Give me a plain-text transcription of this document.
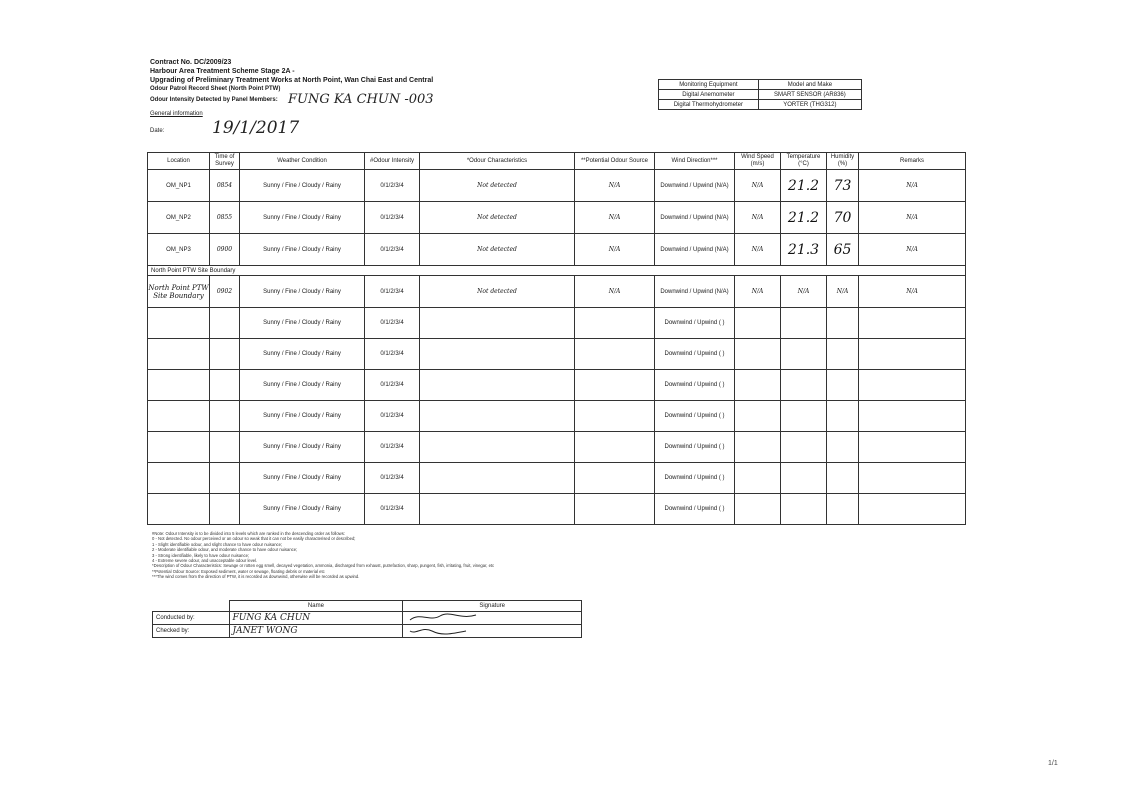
Contract No. DC/2009/23
Harbour Area Treatment Scheme Stage 2A -
Upgrading of Preliminary Treatment Works at North Point, Wan Chai East and Central
Odour Patrol Record Sheet (North Point PTW)
Odour Intensity Detected by Panel Members: FUNG KA CHUN -003
General information
Date:	19/1/2017
Monitoring Equipment	Model and Make
Digital Anemometer	SMART SENSOR (AR836)
Digital Thermohydrometer	YORTER (THG312)
Location	Time of Survey	Weather Condition	#Odour Intensity	*Odour Characteristics	**Potential Odour Source	Wind Direction***	Wind Speed (m/s)	Temperature (°C)	Humidity (%)	Remarks
OM_NP1	0854	Sunny / Fine / Cloudy / Rainy	0/1/2/3/4	Not detected	N/A	Downwind / Upwind (N/A)	N/A	21.2	73	N/A
OM_NP2	0855	Sunny / Fine / Cloudy / Rainy	0/1/2/3/4	Not detected	N/A	Downwind / Upwind (N/A)	N/A	21.2	70	N/A
OM_NP3	0900	Sunny / Fine / Cloudy / Rainy	0/1/2/3/4	Not detected	N/A	Downwind / Upwind (N/A)	N/A	21.3	65	N/A
North Point PTW Site Boundary										
North Point PTW Site Boundary	0902	Sunny / Fine / Cloudy / Rainy	0/1/2/3/4	Not detected	N/A	Downwind / Upwind (N/A)	N/A	N/A	N/A	N/A
		Sunny / Fine / Cloudy / Rainy	0/1/2/3/4			Downwind / Upwind ( )				
		Sunny / Fine / Cloudy / Rainy	0/1/2/3/4			Downwind / Upwind ( )				
		Sunny / Fine / Cloudy / Rainy	0/1/2/3/4			Downwind / Upwind ( )				
		Sunny / Fine / Cloudy / Rainy	0/1/2/3/4			Downwind / Upwind ( )				
		Sunny / Fine / Cloudy / Rainy	0/1/2/3/4			Downwind / Upwind ( )				
		Sunny / Fine / Cloudy / Rainy	0/1/2/3/4			Downwind / Upwind ( )				
		Sunny / Fine / Cloudy / Rainy	0/1/2/3/4			Downwind / Upwind ( )				
#Note: Odour Intensity is to be divided into 5 levels which are ranked in the descending order as follows:
0 - Not detected. No odour perceived or an odour so weak that it can not be easily characterised or described;
1 - Slight identifiable odour, and slight chance to have odour nuisance;
2 - Moderate identifiable odour, and moderate chance to have odour nuisance;
3 - Strong identifiable, likely to have odour nuisance;
4 - Extreme severe odour, and unacceptable odour level.
*Description of Odour Characteristics: Sewage or rotten egg smell, decayed vegetation, ammonia, discharged from exhaust, putrefaction, sharp, pungent, fish, irritating, fruit, vinegar, etc
**Potential Odour Source: Exposed sediment, water or sewage, floating debris or material etc
***The wind comes from the direction of PTW, it is recorded as downwind, otherwise will be recorded as upwind.
	Name	Signature
Conducted by:	FUNG KA CHUN	
Checked by:	JANET WONG	
1/1
